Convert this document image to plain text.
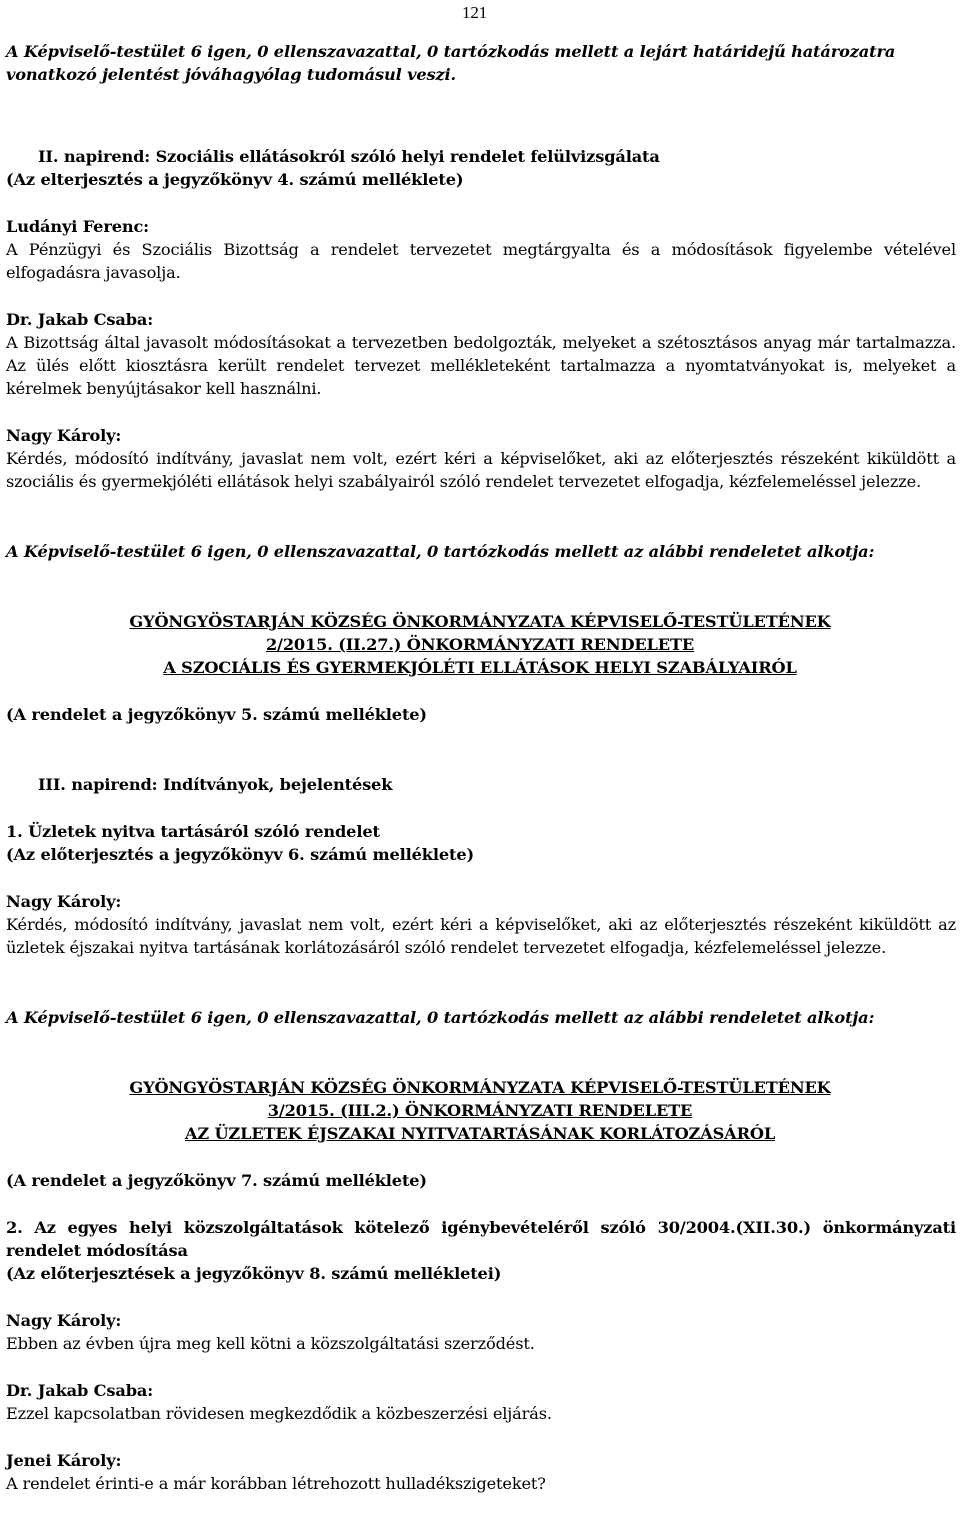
121

A Képviselő-testület 6 igen, 0 ellenszavazattal, 0 tartózkodás mellett a lejárt határidejű határozatra vonatkozó jelentést jóváhagyólag tudomásul veszi.

II. napirend: Szociális ellátásokról szóló helyi rendelet felülvizsgálata

(Az elterjesztés a jegyzőkönyv 4. számú melléklete)

Ludányi Ferenc:

A Pénzügyi és Szociális Bizottság a rendelet tervezetet megtárgyalta és a módosítások figyelembe vételével elfogadásra javasolja.

Dr. Jakab Csaba:

A Bizottság által javasolt módosításokat a tervezetben bedolgozták, melyeket a szétosztásos anyag már tartalmazza. Az ülés előtt kiosztásra került rendelet tervezet mellékleteként tartalmazza a nyomtatványokat is, melyeket a kérelmek benyújtásakor kell használni.

Nagy Károly:

Kérdés, módosító indítvány, javaslat nem volt, ezért kéri a képviselőket, aki az előterjesztés részeként kiküldött a szociális és gyermekjóléti ellátások helyi szabályairól szóló rendelet tervezetet elfogadja, kézfelemeléssel jelezze.

A Képviselő-testület 6 igen, 0 ellenszavazattal, 0 tartózkodás mellett az alábbi rendeletet alkotja:

GYÖNGYÖSTARJÁN KÖZSÉG ÖNKORMÁNYZATA KÉPVISELŐ-TESTÜLETÉNEK

2/2015. (II.27.) ÖNKORMÁNYZATI RENDELETE

A SZOCIÁLIS ÉS GYERMEKJÓLÉTI ELLÁTÁSOK HELYI SZABÁLYAIRÓL

(A rendelet a jegyzőkönyv 5. számú melléklete)

III. napirend: Indítványok, bejelentések

1. Üzletek nyitva tartásáról szóló rendelet

(Az előterjesztés a jegyzőkönyv 6. számú melléklete)

Nagy Károly:

Kérdés, módosító indítvány, javaslat nem volt, ezért kéri a képviselőket, aki az előterjesztés részeként kiküldött az üzletek éjszakai nyitva tartásának korlátozásáról szóló rendelet tervezetet elfogadja, kézfelemeléssel jelezze.

A Képviselő-testület 6 igen, 0 ellenszavazattal, 0 tartózkodás mellett az alábbi rendeletet alkotja:

GYÖNGYÖSTARJÁN KÖZSÉG ÖNKORMÁNYZATA KÉPVISELŐ-TESTÜLETÉNEK

3/2015. (III.2.) ÖNKORMÁNYZATI RENDELETE

AZ ÜZLETEK ÉJSZAKAI NYITVATARTÁSÁNAK KORLÁTOZÁSÁRÓL

(A rendelet a jegyzőkönyv 7. számú melléklete)

2. Az egyes helyi közszolgáltatások kötelező igénybevételéről szóló 30/2004.(XII.30.) önkormányzati rendelet módosítása

(Az előterjesztések a jegyzőkönyv 8. számú mellékletei)

Nagy Károly:

Ebben az évben újra meg kell kötni a közszolgáltatási szerződést.

Dr. Jakab Csaba:

Ezzel kapcsolatban rövidesen megkezdődik a közbeszerzési eljárás.

Jenei Károly:

A rendelet érinti-e a már korábban létrehozott hulladékszigeteket?
